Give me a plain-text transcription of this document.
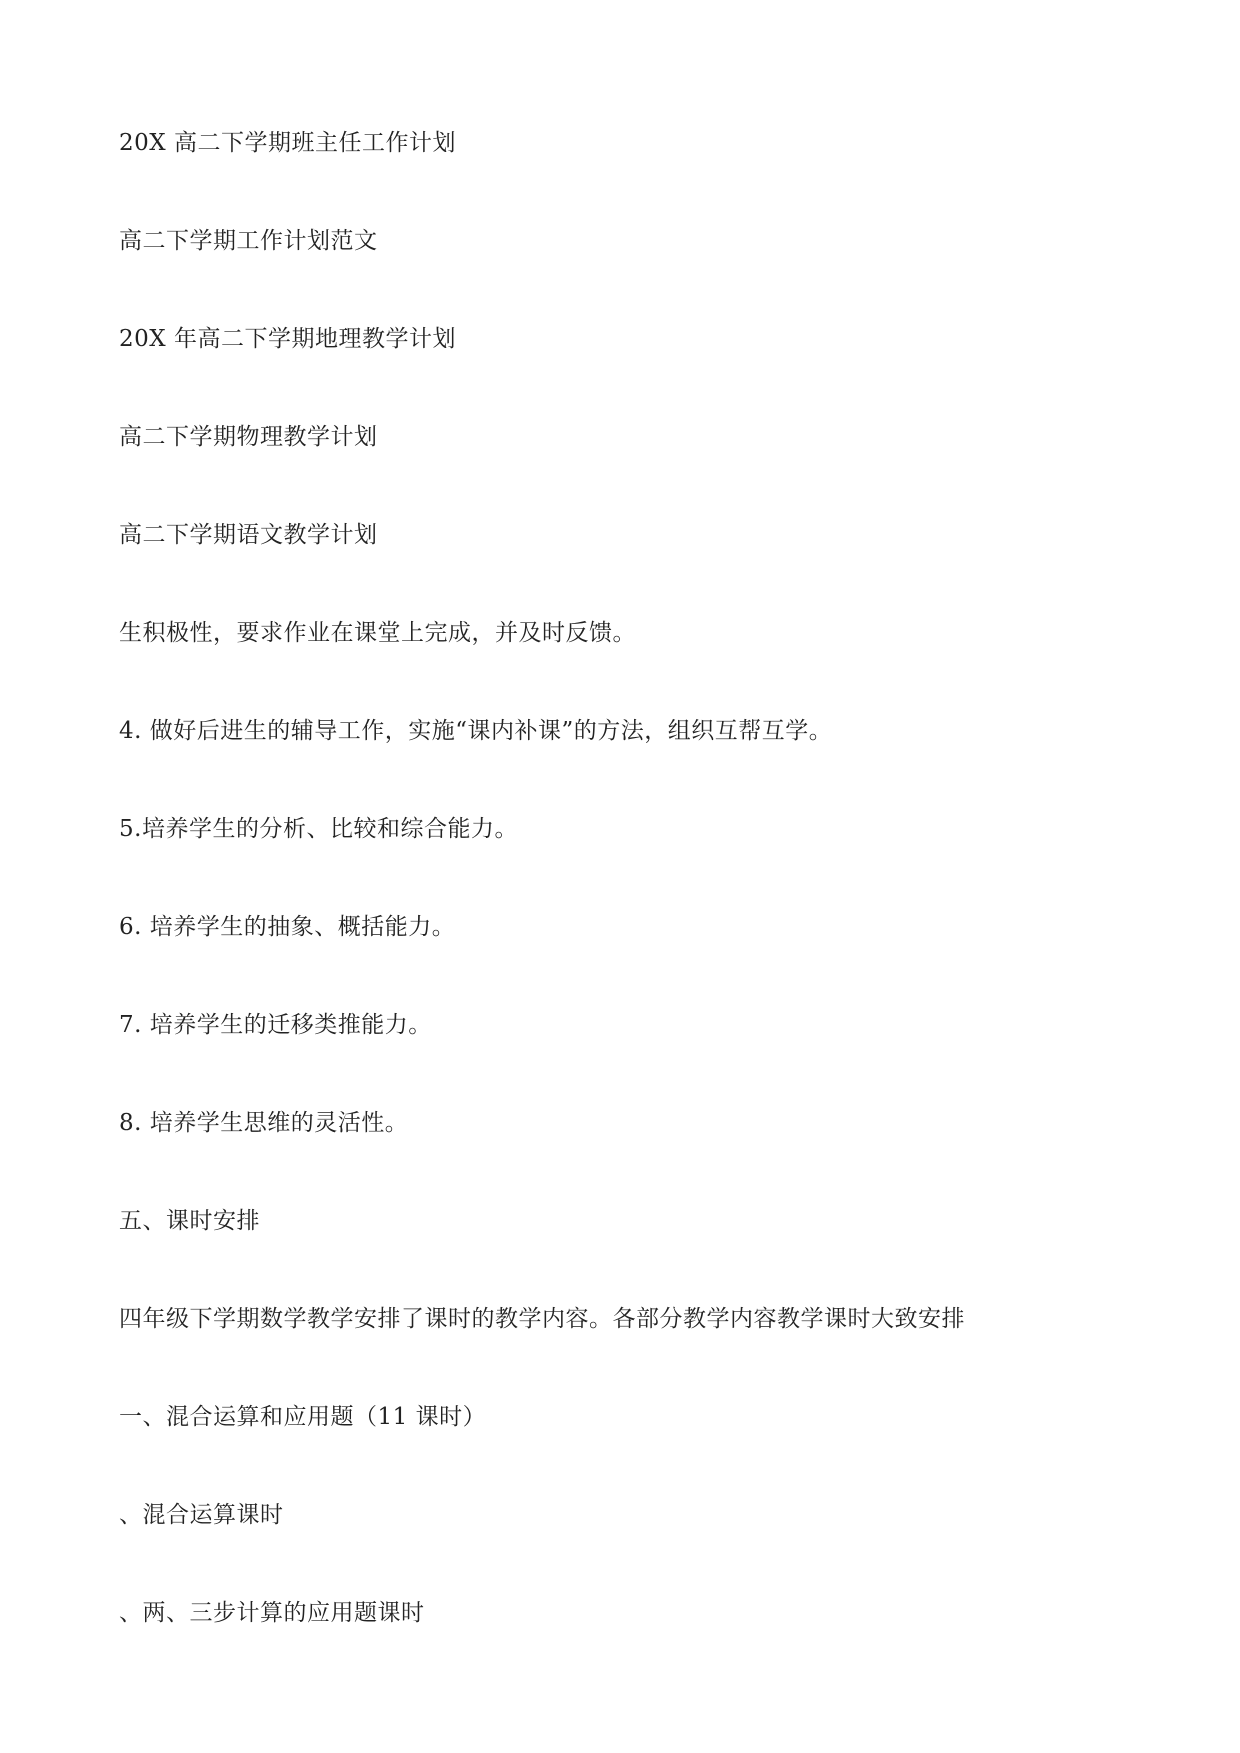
20X 高二下学期班主任工作计划
高二下学期工作计划范文
20X 年高二下学期地理教学计划
高二下学期物理教学计划
高二下学期语文教学计划
生积极性，要求作业在课堂上完成，并及时反馈。
4. 做好后进生的辅导工作，实施“课内补课”的方法，组织互帮互学。
5.培养学生的分析、比较和综合能力。
6. 培养学生的抽象、概括能力。
7. 培养学生的迁移类推能力。
8. 培养学生思维的灵活性。
五、课时安排
四年级下学期数学教学安排了课时的教学内容。各部分教学内容教学课时大致安排
一、混合运算和应用题（11 课时）
、混合运算课时
、两、三步计算的应用题课时
